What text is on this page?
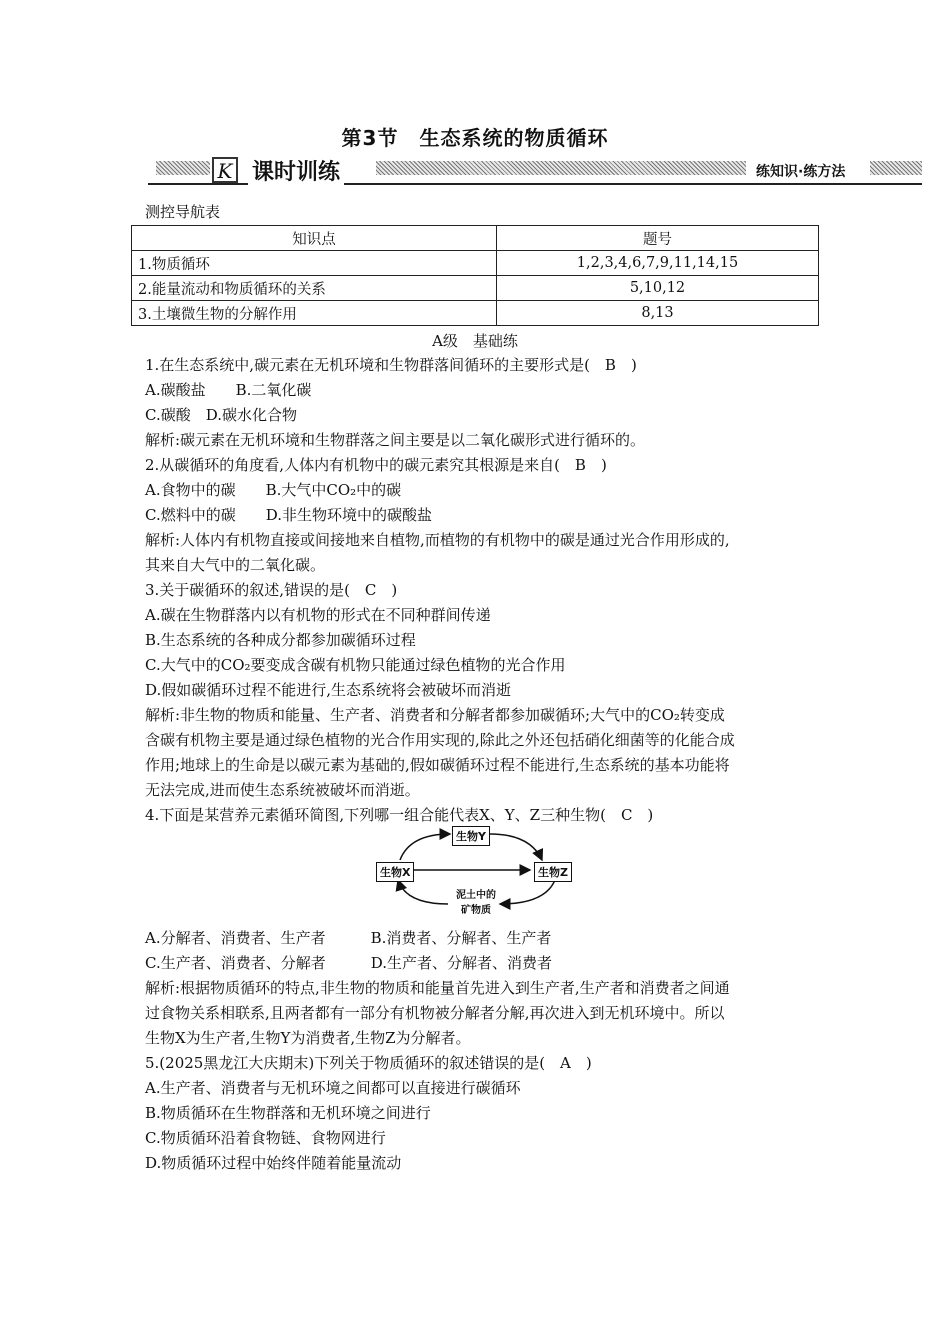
第3节　生态系统的物质循环
K 课时训练	练知识·练方法
测控导航表
知识点	题号
1.物质循环	1,2,3,4,6,7,9,11,14,15
2.能量流动和物质循环的关系	5,10,12
3.土壤微生物的分解作用	8,13
A级　基础练
1.在生态系统中,碳元素在无机环境和生物群落间循环的主要形式是(　B　)
A.碳酸盐　　B.二氧化碳
C.碳酸　D.碳水化合物
解析:碳元素在无机环境和生物群落之间主要是以二氧化碳形式进行循环的。
2.从碳循环的角度看,人体内有机物中的碳元素究其根源是来自(　B　)
A.食物中的碳　　B.大气中CO₂中的碳
C.燃料中的碳　　D.非生物环境中的碳酸盐
解析:人体内有机物直接或间接地来自植物,而植物的有机物中的碳是通过光合作用形成的,
其来自大气中的二氧化碳。
3.关于碳循环的叙述,错误的是(　C　)
A.碳在生物群落内以有机物的形式在不同种群间传递
B.生态系统的各种成分都参加碳循环过程
C.大气中的CO₂要变成含碳有机物只能通过绿色植物的光合作用
D.假如碳循环过程不能进行,生态系统将会被破坏而消逝
解析:非生物的物质和能量、生产者、消费者和分解者都参加碳循环;大气中的CO₂转变成
含碳有机物主要是通过绿色植物的光合作用实现的,除此之外还包括硝化细菌等的化能合成
作用;地球上的生命是以碳元素为基础的,假如碳循环过程不能进行,生态系统的基本功能将
无法完成,进而使生态系统被破坏而消逝。
4.下面是某营养元素循环简图,下列哪一组合能代表X、Y、Z三种生物(　C　)
生物Y
生物X	生物Z
泥土中的
矿物质
A.分解者、消费者、生产者　　　B.消费者、分解者、生产者
C.生产者、消费者、分解者　　　D.生产者、分解者、消费者
解析:根据物质循环的特点,非生物的物质和能量首先进入到生产者,生产者和消费者之间通
过食物关系相联系,且两者都有一部分有机物被分解者分解,再次进入到无机环境中。所以
生物X为生产者,生物Y为消费者,生物Z为分解者。
5.(2025黑龙江大庆期末)下列关于物质循环的叙述错误的是(　A　)
A.生产者、消费者与无机环境之间都可以直接进行碳循环
B.物质循环在生物群落和无机环境之间进行
C.物质循环沿着食物链、食物网进行
D.物质循环过程中始终伴随着能量流动
